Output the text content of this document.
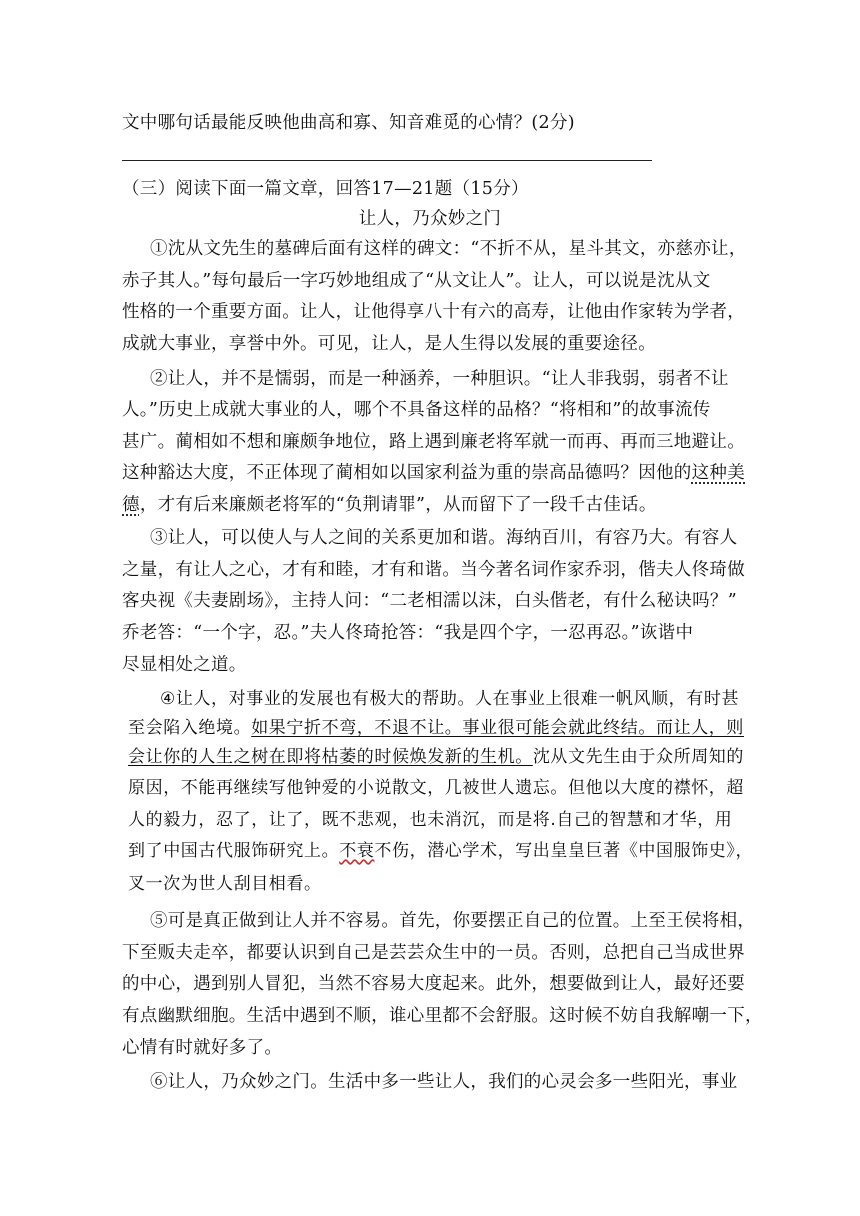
文中哪句话最能反映他曲高和寡、知音难觅的心情？(2分)
（三）阅读下面一篇文章，回答17—21题（15分）
让人，乃众妙之门
①沈从文先生的墓碑后面有这样的碑文：“不折不从，星斗其文，亦慈亦让，
赤子其人。”每句最后一字巧妙地组成了“从文让人”。让人，可以说是沈从文
性格的一个重要方面。让人，让他得享八十有六的高寿，让他由作家转为学者，
成就大事业，享誉中外。可见，让人，是人生得以发展的重要途径。
②让人，并不是懦弱，而是一种涵养，一种胆识。“让人非我弱，弱者不让
人。”历史上成就大事业的人，哪个不具备这样的品格？“将相和”的故事流传
甚广。蔺相如不想和廉颇争地位，路上遇到廉老将军就一而再、再而三地避让。
这种豁达大度，不正体现了蔺相如以国家利益为重的崇高品德吗？因他的这种美
德，才有后来廉颇老将军的“负荆请罪”，从而留下了一段千古佳话。
③让人，可以使人与人之间的关系更加和谐。海纳百川，有容乃大。有容人
之量，有让人之心，才有和睦，才有和谐。当今著名词作家乔羽，偕夫人佟琦做
客央视《夫妻剧场》，主持人问：“二老相濡以沫，白头偕老，有什么秘诀吗？”
乔老答：“一个字，忍。”夫人佟琦抢答：“我是四个字，一忍再忍。”诙谐中
尽显相处之道。
④让人，对事业的发展也有极大的帮助。人在事业上很难一帆风顺，有时甚
至会陷入绝境。如果宁折不弯，不退不让。事业很可能会就此终结。而让人，则
会让你的人生之树在即将枯萎的时候焕发新的生机。沈从文先生由于众所周知的
原因，不能再继续写他钟爱的小说散文，几被世人遗忘。但他以大度的襟怀，超
人的毅力，忍了，让了，既不悲观，也未消沉，而是将.自己的智慧和才华，用
到了中国古代服饰研究上。不衰不伤，潜心学术，写出皇皇巨著《中国服饰史》，
叉一次为世人刮目相看。
⑤可是真正做到让人并不容易。首先，你要摆正自己的位置。上至王侯将相，
下至贩夫走卒，都要认识到自己是芸芸众生中的一员。否则，总把自己当成世界
的中心，遇到别人冒犯，当然不容易大度起来。此外，想要做到让人，最好还要
有点幽默细胞。生活中遇到不顺，谁心里都不会舒服。这时候不妨自我解嘲一下，
心情有时就好多了。
⑥让人，乃众妙之门。生活中多一些让人，我们的心灵会多一些阳光，事业
